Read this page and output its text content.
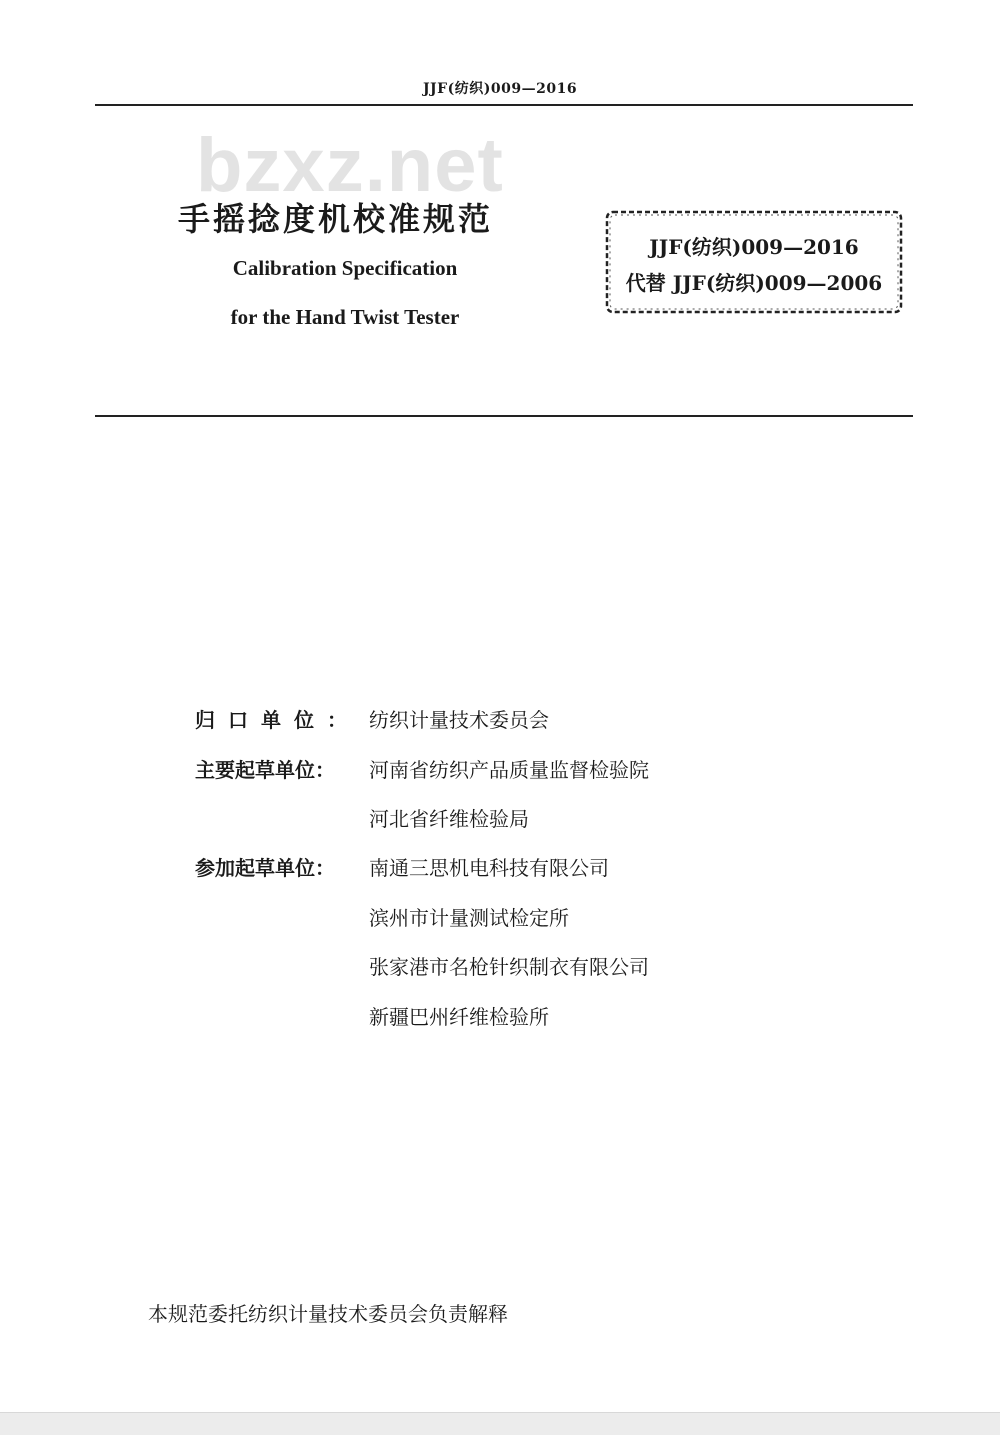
JJF(纺织)009—2016
bzxz.net
手摇捻度机校准规范
Calibration Specification
for the Hand Twist Tester
JJF(纺织)009—2016
代替 JJF(纺织)009—2006
归口单位： 纺织计量技术委员会
主要起草单位： 河南省纺织产品质量监督检验院
河北省纤维检验局
参加起草单位： 南通三思机电科技有限公司
滨州市计量测试检定所
张家港市名枪针织制衣有限公司
新疆巴州纤维检验所
本规范委托纺织计量技术委员会负责解释
